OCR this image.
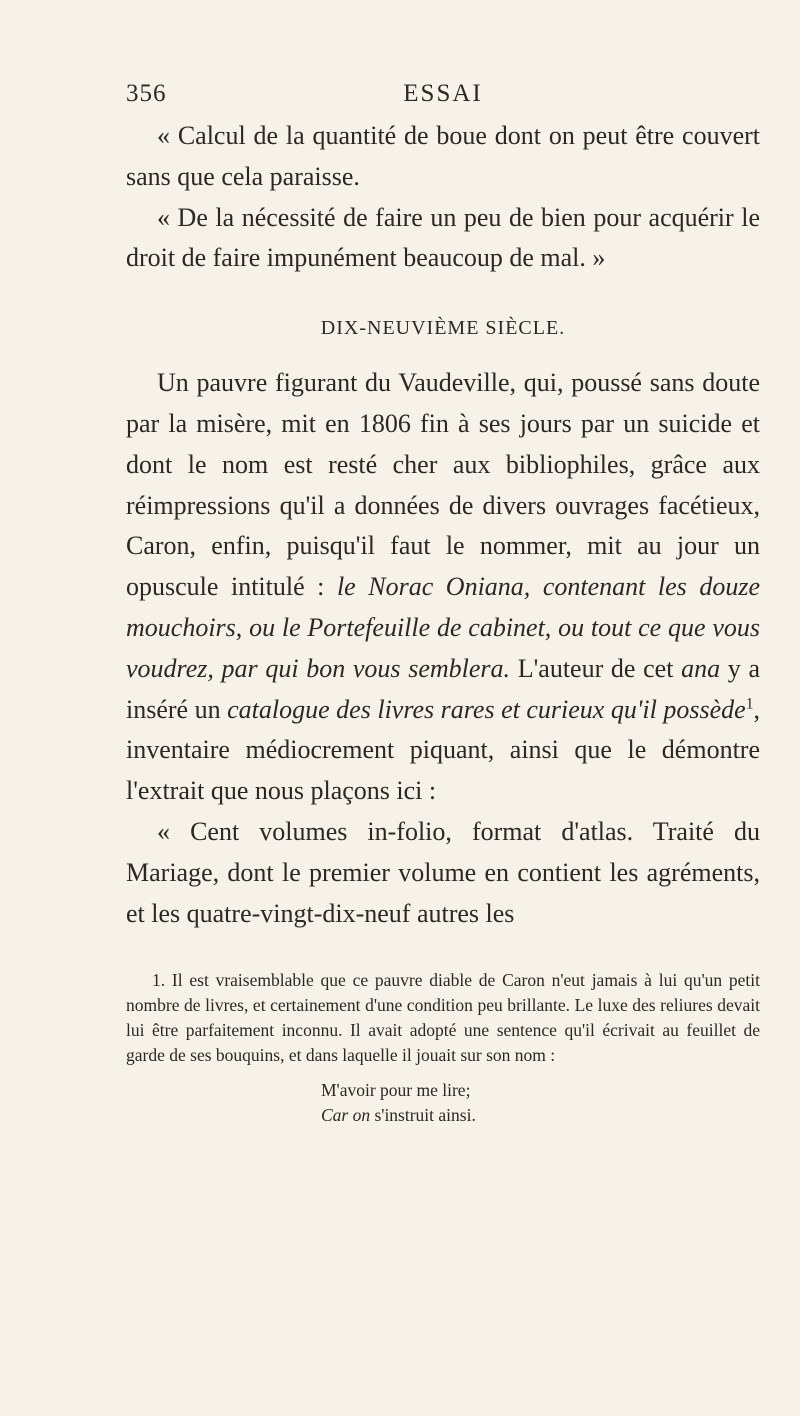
356	ESSAI

« Calcul de la quantité de boue dont on peut être couvert sans que cela paraisse.

« De la nécessité de faire un peu de bien pour acquérir le droit de faire impunément beaucoup de mal. »

DIX-NEUVIÈME SIÈCLE.

Un pauvre figurant du Vaudeville, qui, poussé sans doute par la misère, mit en 1806 fin à ses jours par un suicide et dont le nom est resté cher aux bibliophiles, grâce aux réimpressions qu'il a données de divers ouvrages facétieux, Caron, enfin, puisqu'il faut le nommer, mit au jour un opuscule intitulé : le Norac Oniana, contenant les douze mouchoirs, ou le Portefeuille de cabinet, ou tout ce que vous voudrez, par qui bon vous semblera. L'auteur de cet ana y a inséré un catalogue des livres rares et curieux qu'il possède$^1$, inventaire médiocrement piquant, ainsi que le démontre l'extrait que nous plaçons ici :

« Cent volumes in-folio, format d'atlas. Traité du Mariage, dont le premier volume en contient les agréments, et les quatre-vingt-dix-neuf autres les

1. Il est vraisemblable que ce pauvre diable de Caron n'eut jamais à lui qu'un petit nombre de livres, et certainement d'une condition peu brillante. Le luxe des reliures devait lui être parfaitement inconnu. Il avait adopté une sentence qu'il écrivait au feuillet de garde de ses bouquins, et dans laquelle il jouait sur son nom :

M'avoir pour me lire;
Car on s'instruit ainsi.
